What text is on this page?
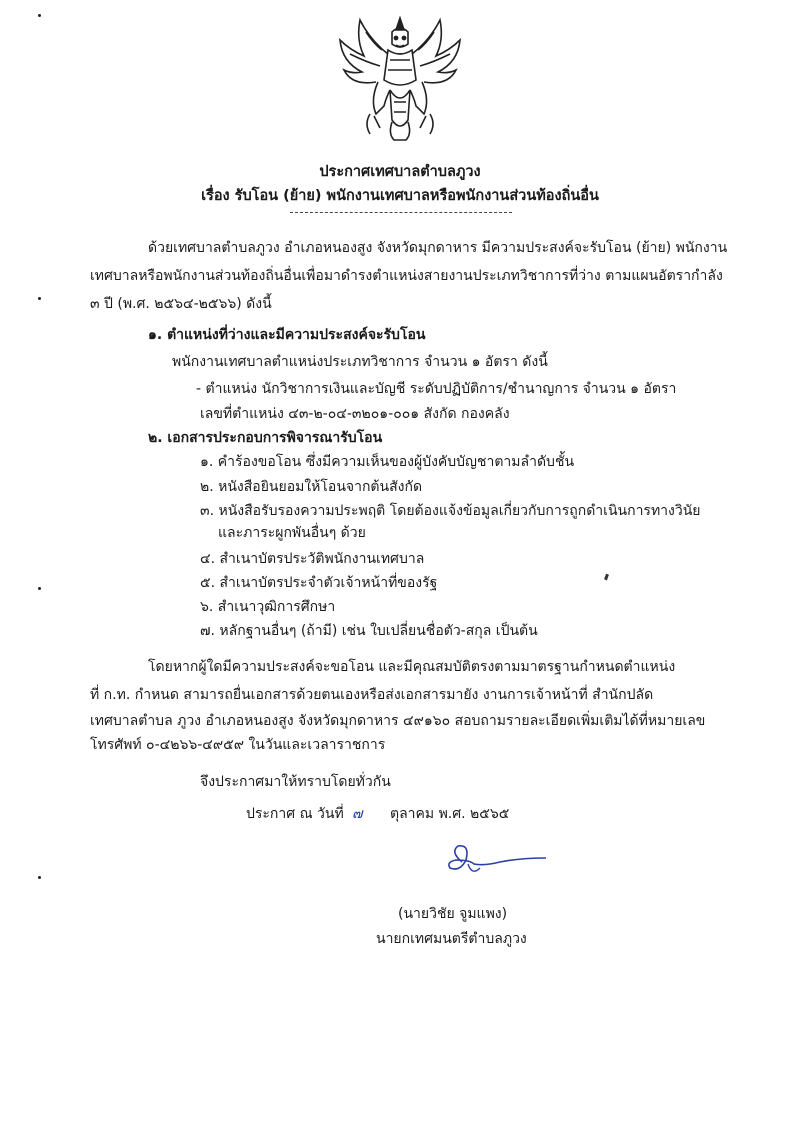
ประกาศเทศบาลตำบลภูวง
เรื่อง รับโอน (ย้าย) พนักงานเทศบาลหรือพนักงานส่วนท้องถิ่นอื่น
ด้วยเทศบาลตำบลภูวง อำเภอหนองสูง จังหวัดมุกดาหาร มีความประสงค์จะรับโอน (ย้าย) พนักงาน
เทศบาลหรือพนักงานส่วนท้องถิ่นอื่นเพื่อมาดำรงตำแหน่งสายงานประเภทวิชาการที่ว่าง ตามแผนอัตรากำลัง
๓ ปี (พ.ศ. ๒๕๖๔-๒๕๖๖) ดังนี้
๑. ตำแหน่งที่ว่างและมีความประสงค์จะรับโอน
พนักงานเทศบาลตำแหน่งประเภทวิชาการ จำนวน ๑ อัตรา ดังนี้
- ตำแหน่ง นักวิชาการเงินและบัญชี ระดับปฏิบัติการ/ชำนาญการ จำนวน ๑ อัตรา
เลขที่ตำแหน่ง ๔๓-๒-๐๔-๓๒๐๑-๐๐๑ สังกัด กองคลัง
๒. เอกสารประกอบการพิจารณารับโอน
๑. คำร้องขอโอน ซึ่งมีความเห็นของผู้บังคับบัญชาตามลำดับชั้น
๒. หนังสือยินยอมให้โอนจากต้นสังกัด
๓. หนังสือรับรองความประพฤติ โดยต้องแจ้งข้อมูลเกี่ยวกับการถูกดำเนินการทางวินัย
และภาระผูกพันอื่นๆ ด้วย
๔. สำเนาบัตรประวัติพนักงานเทศบาล
๕. สำเนาบัตรประจำตัวเจ้าหน้าที่ของรัฐ
๖. สำเนาวุฒิการศึกษา
๗. หลักฐานอื่นๆ (ถ้ามี) เช่น ใบเปลี่ยนชื่อตัว-สกุล เป็นต้น
โดยหากผู้ใดมีความประสงค์จะขอโอน และมีคุณสมบัติตรงตามมาตรฐานกำหนดตำแหน่ง
ที่ ก.ท. กำหนด สามารถยื่นเอกสารด้วยตนเองหรือส่งเอกสารมายัง งานการเจ้าหน้าที่ สำนักปลัด
เทศบาลตำบล ภูวง อำเภอหนองสูง จังหวัดมุกดาหาร ๔๙๑๖๐ สอบถามรายละเอียดเพิ่มเติมได้ที่หมายเลข
โทรศัพท์ ๐-๔๒๖๖-๔๙๕๙ ในวันและเวลาราชการ
จึงประกาศมาให้ทราบโดยทั่วกัน
ประกาศ ณ วันที่ ๗ ตุลาคม พ.ศ. ๒๕๖๕
(นายวิชัย จูมแพง)
นายกเทศมนตรีตำบลภูวง
